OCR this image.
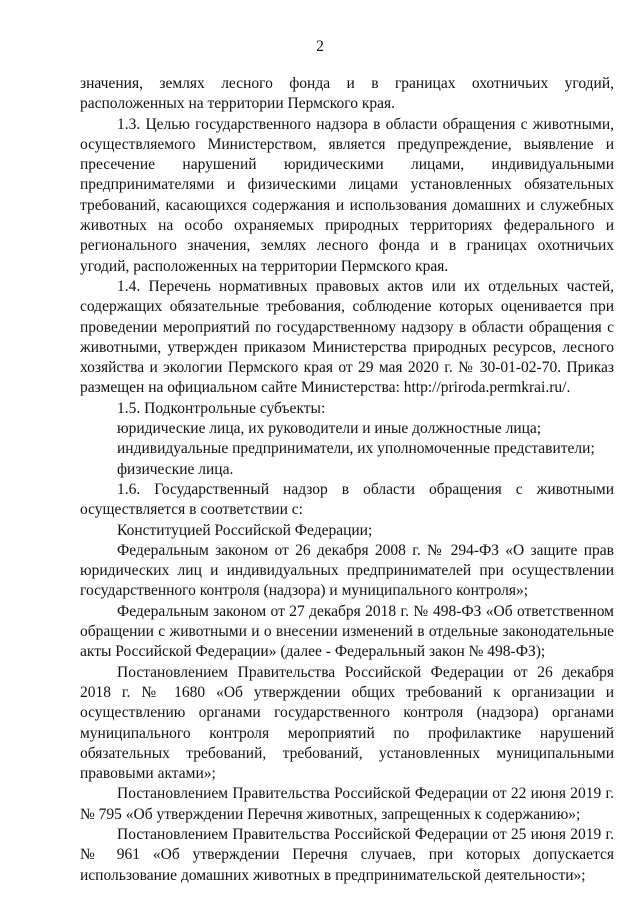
2

значения, землях лесного фонда и в границах охотничьих угодий, расположенных на территории Пермского края.

1.3. Целью государственного надзора в области обращения с животными, осуществляемого Министерством, является предупреждение, выявление и пресечение нарушений юридическими лицами, индивидуальными предпринимателями и физическими лицами установленных обязательных требований, касающихся содержания и использования домашних и служебных животных на особо охраняемых природных территориях федерального и регионального значения, землях лесного фонда и в границах охотничьих угодий, расположенных на территории Пермского края.

1.4. Перечень нормативных правовых актов или их отдельных частей, содержащих обязательные требования, соблюдение которых оценивается при проведении мероприятий по государственному надзору в области обращения с животными, утвержден приказом Министерства природных ресурсов, лесного хозяйства и экологии Пермского края от 29 мая 2020 г. № 30-01-02-70. Приказ размещен на официальном сайте Министерства: http://priroda.permkrai.ru/.

1.5. Подконтрольные субъекты:

юридические лица, их руководители и иные должностные лица;

индивидуальные предприниматели, их уполномоченные представители;

физические лица.

1.6. Государственный надзор в области обращения с животными осуществляется в соответствии с:

Конституцией Российской Федерации;

Федеральным законом от 26 декабря 2008 г. № 294-ФЗ «О защите прав юридических лиц и индивидуальных предпринимателей при осуществлении государственного контроля (надзора) и муниципального контроля»;

Федеральным законом от 27 декабря 2018 г. № 498-ФЗ «Об ответственном обращении с животными и о внесении изменений в отдельные законодательные акты Российской Федерации» (далее - Федеральный закон № 498-ФЗ);

Постановлением Правительства Российской Федерации от 26 декабря 2018 г. № 1680 «Об утверждении общих требований к организации и осуществлению органами государственного контроля (надзора) органами муниципального контроля мероприятий по профилактике нарушений обязательных требований, требований, установленных муниципальными правовыми актами»;

Постановлением Правительства Российской Федерации от 22 июня 2019 г. № 795 «Об утверждении Перечня животных, запрещенных к содержанию»;

Постановлением Правительства Российской Федерации от 25 июня 2019 г. № 961 «Об утверждении Перечня случаев, при которых допускается использование домашних животных в предпринимательской деятельности»;
